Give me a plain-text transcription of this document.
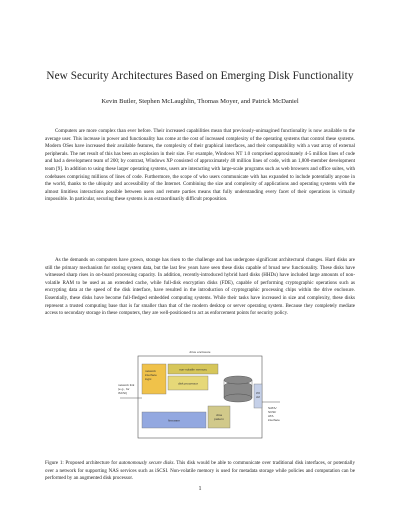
New Security Architectures Based on Emerging Disk Functionality
Kevin Butler, Stephen McLaughlin, Thomas Moyer, and Patrick McDaniel
Computers are more complex than ever before. Their increased capabilities mean that previously-unimagined functionality is now available to the average user. This increase in power and functionality has come at the cost of increased complexity of the operating systems that control these systems. Modern OSes have increased their available features, the complexity of their graphical interfaces, and their computability with a vast array of external peripherals. The net result of this has been an explosion in their size. For example, Windows NT 1.0 comprised approximately 4-5 million lines of code and had a development team of 200; by contrast, Windows XP consisted of approximately 40 million lines of code, with an 1,800-member development team [9]. In addition to using these larger operating systems, users are interacting with large-scale programs such as web browsers and office suites, with codebases comprising millions of lines of code. Furthermore, the scope of who users communicate with has expanded to include potentially anyone in the world, thanks to the ubiquity and accessibility of the Internet. Combining the size and complexity of applications and operating systems with the almost limitless interactions possible between users and remote parties means that fully understanding every facet of their operations is virtually impossible. In particular, securing these systems is an extraordinarily difficult proposition.
As the demands on computers have grown, storage has risen to the challenge and has undergone significant architectural changes. Hard disks are still the primary mechanism for storing system data, but the last few years have seen these disks capable of broad new functionality. These disks have witnessed sharp rises in on-board processing capacity. In addition, recently-introduced hybrid hard disks (HHDs) have included large amounts of non-volatile RAM to be used as an extended cache, while full-disk encryption disks (FDE), capable of performing cryptographic operations such as encrypting data at the speed of the disk interface, have resulted in the introduction of cryptographic processing chips within the drive enclosure. Essentially, these disks have become full-fledged embedded computing systems. While their tasks have increased in size and complexity, these disks represent a trusted computing base that is far smaller than that of the modern desktop or server operating system. Because they completely mediate access to secondary storage in these computers, they are well-positioned to act as enforcement points for security policy.
drive enclosure
network link
(e.g., for
iSCSI)
network
interface
logic
non-volatile memory
disk processor
firmware
dma
pattern
I/O
ctrl
SATA/
SCSI/
ATA
interface
Figure 1: Proposed architecture for autonomously secure disks. This disk would be able to communicate over traditional disk interfaces, or potentially over a network for supporting NAS services such as iSCSI. Non-volatile memory is used for metadata storage while policies and computation can be performed by an augmented disk processor.
1
